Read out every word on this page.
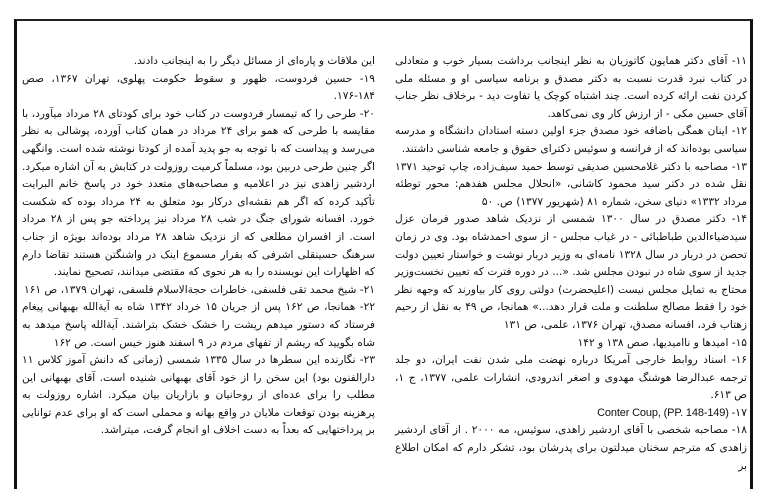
۱۱- آقای دکتر همایون کاتوزیان به نظر اینجانب برداشت بسیار خوب و متعادلی در کتاب نبرد قدرت نسبت به دکتر مصدق و برنامه سیاسی او و مسئله ملی کردن نفت ارائه کرده است. چند اشتباه کوچک یا تفاوت دید - برخلاف نظر جناب آقای حسین مکی - از ارزش کار وی نمی‌کاهد.

۱۲- اینان همگی باضافه خود مصدق جزء اولین دسته استادان دانشگاه و مدرسه سیاسی بوده‌اند که از فرانسه و سوئیس دکترای حقوق و جامعه شناسی داشتند.

۱۳- مصاحبه با دکتر غلامحسین صدیقی توسط حمید سیف‌زاده، چاپ توحید ۱۳۷۱ نقل شده در دکتر سید محمود کاشانی، «انحلال مجلس هفدهم: محور توطئه مرداد ۱۳۳۲» دنیای سخن، شماره ۸۱ (شهریور ۱۳۷۷) ص. ۵۰

۱۴- دکتر مصدق در سال ۱۳۰۰ شمسی از نزدیک شاهد صدور فرمان عزل سیدضیاءالدین طباطبائی - در غیاب مجلس - از سوی احمدشاه بود. وی در زمان تحصن در دربار در سال ۱۳۲۸ نامه‌ای به وزیر دربار نوشت و خواستار تعیین دولت جدید از سوی شاه در نبودن مجلس شد. «... در دوره فترت که تعیین نخست‌وزیر محتاج به تمایل مجلس نیست (اعلیحضرت) دولتی روی کار بیاورند که وجهه نظر خود را فقط مصالح سلطنت و ملت قرار دهد...» همانجا، ص ۴۹ به نقل از رحیم زهتاب فرد، افسانه مصدق، تهران ۱۳۷۶، علمی، ص ۱۳۱

۱۵- امیدها و ناامیدیها، صص ۱۳۸ و ۱۴۲

۱۶- اسناد روابط خارجی آمریکا درباره نهضت ملی شدن نفت ایران، دو جلد ترجمه عبدالرضا هوشنگ مهدوی و اصغر اندرودی، انشارات علمی، ۱۳۷۷، ج ۱، ص ۶۱۳.

Conter Coup, (PP. 148-149) -۱۷

۱۸- مصاحبه شخصی با آقای اردشیر زاهدی، سوئیس، مه ۲۰۰۰ . از آقای اردشیر زاهدی که مترجم سخنان میدلتون برای پدرشان بود، تشکر دارم که امکان اطلاع بر

این ملاقات و پاره‌ای از مسائل دیگر را به اینجانب دادند.

۱۹- حسین فردوست، ظهور و سقوط حکومت پهلوی، تهران ۱۳۶۷، صص ۱۸۴-۱۷۶.

۲۰- طرحی را که تیمسار فردوست در کتاب خود برای کودتای ۲۸ مرداد میآورد، با مقایسه با طرحی که همو برای ۲۴ مرداد در همان کتاب آورده، پوشالی به نظر می‌رسد و پیداست که با توجه به جو پدید آمده از کودتا نوشته شده است. وانگهی اگر چنین طرحی دربین بود، مسلماً کرمیت روزولت در کتابش به آن اشاره میکرد. اردشیر زاهدی نیز در اعلامیه و مصاحبه‌های متعدد خود در پاسخ خانم البرایت تأکید کرده که اگر هم نقشه‌ای درکار بود متعلق به ۲۴ مرداد بوده که شکست خورد. افسانه شورای جنگ در شب ۲۸ مرداد نیز پرداخته جو پس از ۲۸ مرداد است. از افسران مطلعی که از نزدیک شاهد ۲۸ مرداد بوده‌اند بویژه از جناب سرهنگ حسینقلی اشرفی که بقرار مسموع اینک در واشنگتن هستند تقاضا دارم که اظهارات این نویسنده را به هر نحوی که مقتضی میدانند، تصحیح نمایند.

۲۱- شیخ محمد تقی فلسفی، خاطرات حجةالاسلام فلسفی، تهران ۱۳۷۹، ص ۱۶۱

۲۲- همانجا، ص ۱۶۲ پس از جریان ۱۵ خرداد ۱۳۴۲ شاه به آیةالله بهبهانی پیغام فرستاد که دستور میدهم ریشت را خشک خشک بتراشند. آیةالله پاسخ میدهد به شاه بگویید که ریشم از تفهای مردم در ۹ اسفند هنوز خیس است. ص ۱۶۲

۲۳- نگارنده این سطرها در سال ۱۳۳۵ شمسی (زمانی که دانش آموز کلاس ۱۱ دارالفنون بود) این سخن را از خود آقای بهبهانی شنیده است. آقای بهبهانی این مطلب را برای عده‌ای از روحانیان و بازاریان بیان میکرد. اشاره روزولت به پرهزینه بودن توقعات ملایان در واقع بهانه و محملی است که او برای عدم توانایی بر پرداختهایی که بعداً به دست اخلاف او انجام گرفت، میتراشد.
